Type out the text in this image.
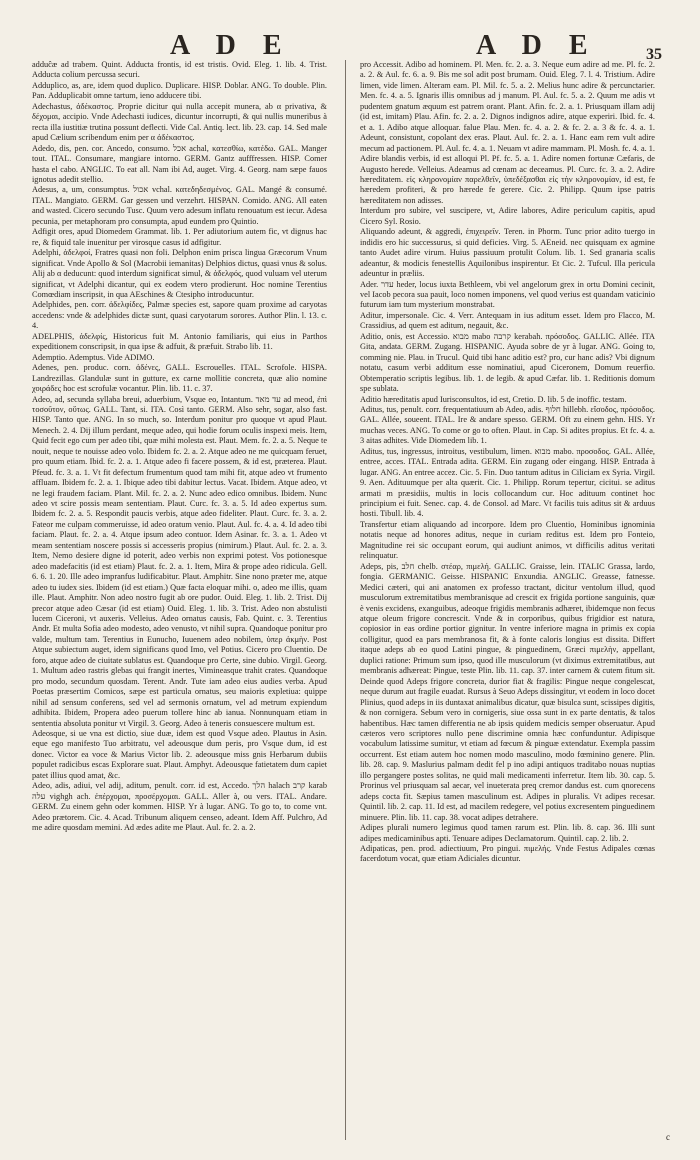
A D E	A D E	35

adduĉæ ad trabem. Quint. Adducta frontis, id est tristis. Ovid. Eleg. 1. lib. 4. Trist. Adducta colium percussa securi.

Adduplico, as, are, idem quod duplico. Duplicare. HISP. Doblar. ANG. To double. Plin. Pan. Adduplicabit omne tartum, ieno adducere tibi.

Adechastus, ἀδέκαστος. Proprie dicitur qui nulla accepit munera, ab α privativa, & δέχομαι, accipio. Vnde Adechasti iudices, dicuntur incorrupti, & qui nullis muneribus à recta illa iustitiæ trutina possunt deflecti. Vide Cal. Antiq. lect. lib. 23. cap. 14. Sed male apud Cælium scribendum enim per α ἀδέκαστος.

Adedo, dis, pen. cor. Ancedo, consumo. אכל achal, κατεσθίω, κατέδω. GAL. Manger tout. ITAL. Consumare, mangiare intorno. GERM. Gantz aufffressen. HISP. Comer hasta el cabo. ANGLIC. To eat all. Nam ibi Ad, auget. Virg. 4. Georg. nam sæpe fauos ignotus adedit stellio.

Adesus, a, um, consumptus. אכול vchal. κατεδηδεσμένος. GAL. Mangé & consumé. ITAL. Mangiato. GERM. Gar gessen und verzehrt. HISPAN. Comido. ANG. All eaten and wasted. Cicero secundo Tusc. Quum vero adesum inflatu renouatum est iecur. Adesa pecunia, per metaphoram pro consumpta, apud eundem pro Quintio.

Adfigit ores, apud Diomedem Grammat. lib. 1. Per adiutorium autem fic, vt dignus hac re, & fiquid tale inuenitur per virosque casus id adfigitur.

Adelphi, ἀδελφοί, Fratres quasi non foli. Delphon enim prisca lingua Græcorum Vnum significat. Vnde Apollo & Sol (Macrobii iemanitas) Delphios dictus, quasi vnus & solus. Alij ab α deducunt: quod interdum significat simul, & ἀδελφός, quod vuluam vel uterum significat, vt Adelphi dicantur, qui ex eodem vtero prodierunt. Hoc nomine Terentius Comœdiam inscripsit, in qua AEschines & Ctesipho introducuntur.

Adelphides, pen. corr. ἀδελφίδες, Palmæ species est, sapore quam proxime ad caryotas accedens: vnde & adelphides dictæ sunt, quasi caryotarum sorores. Author Plin. l. 13. c. 4.

ADELPHIS, ἀδελφίς, Historicus fuit M. Antonio familiaris, qui eius in Parthos expeditionem conscripsit, in qua ipse & adfuit, & præfuit. Strabo lib. 11.

Ademptio. Ademptus. Vide ADIMO.

Adenes, pen. produc. corn. ἀδένες, GALL. Escrouelles. ITAL. Scrofole. HISPA. Landrezillas. Glandulæ sunt in gutture, ex carne mollitie concreta, quæ alio nomine χοιράδες hoc est scrofulæ vocantur. Plin. lib. 11. c. 37.

Adeo, ad, secunda syllaba breui, aduerbium, Vsque eo, Intantum. עד מאד ad meod, ἐπὶ τοσοῦτον, οὕτως. GALL. Tant, si. ITA. Così tanto. GERM. Also sehr, sogar, also fast. HISP. Tanto que. ANG. In so much, so. Interdum ponitur pro quoque vt apud Plaut. Menech. 2. 4. Dij illum perdant, meque adeo, qui hodie forum oculis inspexi meis. Item, Quid fecit ego cum per adeo tibi, quæ mihi molesta est. Plaut. Mem. fc. 2. a. 5. Neque te nouit, neque te nouisse adeo volo. Ibidem fc. 2. a. 2. Atque adeo ne me quicquam feruet, pro quum etiam. Ibid. fc. 2. a. 1. Atque adeo fi facere possem, & id est, præterea. Plaut. Pfeud. fc. 3. a. 1. Vt fit defectum frumentum quod tam mihi fit, atque adeo vt frumento affluam. Ibidem fc. 2. a. 1. Ibique adeo tibi dabitur lectus. Vacat. Ibidem. Atque adeo, vt ne legi fraudem faciam. Plant. Mil. fc. 2. a. 2. Nunc adeo edico omnibus. Ibidem. Nunc adeo vt scire possis meam sententiam. Plaut. Curc. fc. 3. a. 5. Id adeo expertus sum. Ibidem fc. 2. a. 5. Respondit paucis verbis, atque adeo fideliter. Plaut. Curc. fc. 3. a. 2. Fateor me culpam commeruisse, id adeo oratum venio. Plaut. Aul. fc. 4. a. 4. Id adeo tibi faciam. Plaut. fc. 2. a. 4. Atque ipsum adeo contuor. Idem Asinar. fc. 3. a. 1. Adeo vt meam sententiam noscere possis si accesseris propius (nimirum.) Plaut. Aul. fc. 2. a. 3. Item, Nemo desiere digne id poterit, adeo verbis non exprimi potest. Vos potionesque adeo madefacitis (id est etiam) Plaut. fc. 2. a. 1. Item, Mira & prope adeo ridicula. Gell. 6. 6. 1. 20. Ille adeo impranfus ludificabitur. Plaut. Amphitr. Sine nono præter me, atque adeo tu iudex sies. Ibidem (id est etiam.) Quæ facta eloquar mihi. o, adeo me illis, quam ille. Plaut. Amphitr. Non adeo nostro fugit ab ore pudor. Ouid. Eleg. 1. lib. 2. Trist. Dij precor atque adeo Cæsar (id est etiam) Ouid. Eleg. 1. lib. 3. Trist. Adeo non abstulisti lucem Ciceroni, vt auxeris. Velleius. Adeo ornatus causis, Fab. Quint. c. 3. Terentius Andr. Et multa Sofia adeo modesto, adeo venusto, vt nihil supra. Quandoque ponitur pro valde, multum tam. Terentius in Eunucho, Iuuenem adeo nobilem, ὑπερ ἀκμὴν. Post Atque subiectum auget, idem significans quod Imo, vel Potius. Cicero pro Cluentio. De foro, atque adeo de ciuitate sublatus est. Quandoque pro Certe, sine dubio. Virgil. Georg. 1. Multum adeo rastris glebas qui frangit inertes, Vimineasque trahit crates. Quandoque pro modo, secundum quosdam. Terent. Andr. Tute iam adeo eius audies verba. Apud Poetas præsertim Comicos, sæpe est particula ornatus, seu maioris expletiua: quippe nihil ad sensum conferens, sed vel ad sermonis ornatum, vel ad metrum expiendum adhibita. Ibidem, Propera adeo puerum tollere hinc ab ianua. Nonnunquam etiam in sententia absoluta ponitur vt Virgil. 3. Georg. Adeo à teneris consuescere multum est.

Adeosque, si ue vna est dictio, siue duæ, idem est quod Vsque adeo. Plautus in Asin. eque ego manifesto Tuo arbitratu, vel adeousque dum peris, pro Vsque dum, id est donec. Victor ea voce & Marius Victor lib. 2. adeousque miss gnis Herbarum dubiis populet radicibus escas Explorare suat. Plaut. Amphyt. Adeousque fatietatem dum capiet patet illius quod amat, &c.

Adeo, adis, adiui, vel adij, aditum, penult. corr. id est, Accedo. הלך halach קרב karab עלה vighgh ach. ἐπέρχομαι, προσέρχομαι. GALL. Aller à, ou vers. ITAL. Andare. GERM. Zu einem gehn oder kommen. HISP. Yr à lugar. ANG. To go to, to come vnt. Adeo prætorem. Cic. 4. Acad. Tribunum aliquem censeo, adeant. Idem Aff. Pulchro, Ad me adire quosdam memini. Ad ædes adite me Plaut. Aul. fc. 2. a. 2.

pro Accessit. Adibo ad hominem. Pl. Men. fc. 2. a. 3. Neque eum adire ad me. Pl. fc. 2. a. 2. & Aul. fc. 6. a. 9. Bis me sol adit post brumam. Ouid. Eleg. 7. l. 4. Tristium. Adire limen, vide limen. Alteram eam. Pl. Mil. fc. 5. a. 2. Melius hunc adire & percunctarier. Men. fc. 4. a. 5. Ignaris illis omnibus ad j manum. Pl. Aul. fc. 5. a. 2. Quum me adis vt pudentem gnatum æquum est patrem orant. Plant. Afin. fc. 2. a. 1. Priusquam illam adij (id est, imitam) Plau. Afin. fc. 2. a. 2. Dignos indignos adire, atque experiri. Ibid. fc. 4. et a. 1. Adibo atque alloquar. falue Plau. Men. fc. 4. a. 2. & fc. 2. a. 3 & fc. 4. a. 1. Adeunt, consistunt, copolant dex eras. Plaut. Aul. fc. 2. a. 1. Hanc eam rem vult adire mecum ad pactionem. Pl. Aul. fc. 4. a. 1. Neuam vt adire mammam. Pl. Mosh. fc. 4. a. 1. Adire blandis verbis, id est alloqui Pl. Pf. fc. 5. a. 1. Adire nomen fortunæ Cæfaris, de Augusto herede. Velleius. Adeamus ad cœnam ac deceamus. Pl. Curc. fc. 3. a. 2. Adire hæreditatem. εἰς κληρονομίαν παρελθεῖν, ὑπεδέξασθαι εἰς τὴν κληρονομίαν, id est, fe hæredem profiteri, & pro hærede fe gerere. Cic. 2. Philipp. Quum ipse patris hæreditatem non adisses.

Interdum pro subire, vel suscipere, vt, Adire labores, Adire periculum capitis, apud Cicero Syl. Rosio.

Aliquando adeunt, & aggredi, ἐπιχειρεῖν. Teren. in Phorm. Tunc prior adito tuergo in indidis ero hic successurus, si quid deficies. Virg. 5. AEneid. nec quisquam ex agmine tanto Audet adire virum. Huius passiuum protulit Colum. lib. 1. Sed granaria scalis adeantur, & modicis fenestellis Aquilonibus inspirentur. Et Cic. 2. Tufcul. Illa pericula adeuntur in præliis.

Ader. עדר heder, locus iuxta Bethleem, vbi vel angelorum grex in ortu Domini cecinit, vel Iacob pecora sua pauit, loco nomen imponens, vel quod verius est quandam vaticinio futurum iam tum mysterium monstrabat.

Aditur, impersonale. Cic. 4. Verr. Antequam in ius aditum esset. Idem pro Flacco, M. Crassidius, ad quem est aditum, negauit, &c.

Aditio, onis, est Accessio. מבוא mabo קרבה kerabah. πρόσοδος. GALLIC. Allée. ITA Gita, andata. GERM. Zugang. HISPANIC. Ayuda sobre de yr à lugar. ANG. Going to, comming nie. Plau. in Trucul. Quid tibi hanc aditio est? pro, cur hanc adis? Vbi dignum notatu, casum verbi additum esse nominatiui, apud Ciceronem, Domum reuerfio. Obtemperatio scriptis legibus. lib. 1. de legib. & apud Cæfar. lib. 1. Reditionis domum spe sublata.

Aditio hæreditatis apud Iurisconsultos, id est, Cretio. D. lib. 5 de inoffic. testam.

Aditus, tus, penult. corr. frequentatiuum ab Adeo, adis. חלוף hillebh. εἴσοδος, πρόσοδος. GAL. Allée, soueent. ITAL. Ire & andare spesso. GERM. Oft zu einem gehn. HIS. Yr muchas veces. ANG. To come or go to often. Plaut. in Cap. Si adites propius. Et fc. 4. a. 3 aitas adhites. Vide Diomedem lib. 1.

Aditus, tus, ingressus, introitus, vestibulum, limen. מבוא mabo. προσοδος. GAL. Allée, entree, acces. ITAL. Entrada adita. GERM. Ein zugang oder eingang. HISP. Entrada à lugar. ANG. An entree accez. Cic. 5. Fin. Duo tantum aditus in Ciliciam ex Syria. Virgil. 9. Aen. Adituumque per alta quærit. Cic. 1. Philipp. Rorum tepertur, cicitui. se aditus armati m præsidiis, multis in locis collocandum cur. Hoc adituum continet hoc principium ei fuit. Senec. cap. 4. de Consol. ad Marc. Vt facilis tuis aditus sit & arduus hosti. Tibull. lib. 4.

Transfertur etiam aliquando ad incorpore. Idem pro Cluentio, Hominibus ignominia notatis neque ad honores aditus, neque in curiam reditus est. Idem pro Fonteio, Magnitudine rei sic occupant eorum, qui audiunt animos, vt difficilis aditus veritati relinquatur.

Adeps, pis, חלב chelb. στέαρ, πιμελή. GALLIC. Graisse, lein. ITALIC Grassa, lardo, fongia. GERMANIC. Geisse. HISPANIC Enxundia. ANGLIC. Greasse, fatnesse. Medici cæteri, qui ani anatomen ex professo tractant, dicitur ventolum illud, quod musculorum extremitatibus membranisque ad crescit ex frigida portione sanguinis, quæ è venis excidens, exanguibus, adeoque frigidis membranis adhæret, ibidemque non fecus atque oleum frigore concrescit. Vnde & in corporibus, quibus frigidior est natura, copiosior in eas ordine portior gignitur. In ventre inferiore magna in primis ex copia colligitur, quod ea pars membranosa fit, & à fonte caloris longius est dissita. Differt itaque adeps ab eo quod Latini pingue, & pinguedinem, Græci πιμελὴν, appellant, duplici ratione: Primum sum ipso, quod ille musculorum (vt diximus extremitatibus, aut membranis adhæreat: Pingue, teste Plin. lib. 11. cap. 37. inter carnem & cutem fitum sit. Deinde quod Adeps frigore concreta, durior fiat & fragilis: Pingue neque congelescat, neque durum aut fragile euadat. Rursus à Seuo Adeps dissingitur, vt eodem in loco docet Plinius, quod adeps in iis duntaxat animalibus dicatur, quæ bisulca sunt, scissipes digitis, & non cornigera. Sebum vero in cornigeris, siue ossa sunt in ex parte dentatis, & talos habentibus. Hæc tamen differentia ne ab ipsis quidem medicis semper obseruatur. Apud cæteros vero scriptores nullo pene discrimine omnia hæc confunduntur. Adipisque vocabulum latissime sumitur, vt etiam ad fœcum & pinguæ extendatur. Exempla passim occurrent. Est etiam autem hoc nomen modo masculino, modo fœminino genere. Plin. lib. 28. cap. 9. Maslurius palmam dedit fel p ino adipi antiquos traditabo nouas nuptias illo pergangere postes solitas, ne quid mali medicamenti inferretur. Item lib. 30. cap. 5. Prorinus vel priusquam sal aecar, vel inueterata preq cremor dandus est. cum qnorecens adeps cocta fit. Sæpius tamen masculinum est. Adipes in pluralis. Vt adipes recesar. Quintil. lib. 2. cap. 11. Id est, ad macilem redegere, vel potius excresentem pinguedinem minuere. Plin. lib. 11. cap. 38. vocat adipes detrahere.

Adipes plurali numero legimus quod tamen rarum est. Plin. lib. 8. cap. 36. Illi sunt adipes medicaminibus apti. Tenuare adipes Declamatorum. Quintil. cap. 2. lib. 2.

Adipaticas, pen. prod. adiectiuum, Pro pingui. πιμελής. Vnde Festus Adipales cœnas facerdotum vocat, quæ etiam Adiciales dicuntur.

c
